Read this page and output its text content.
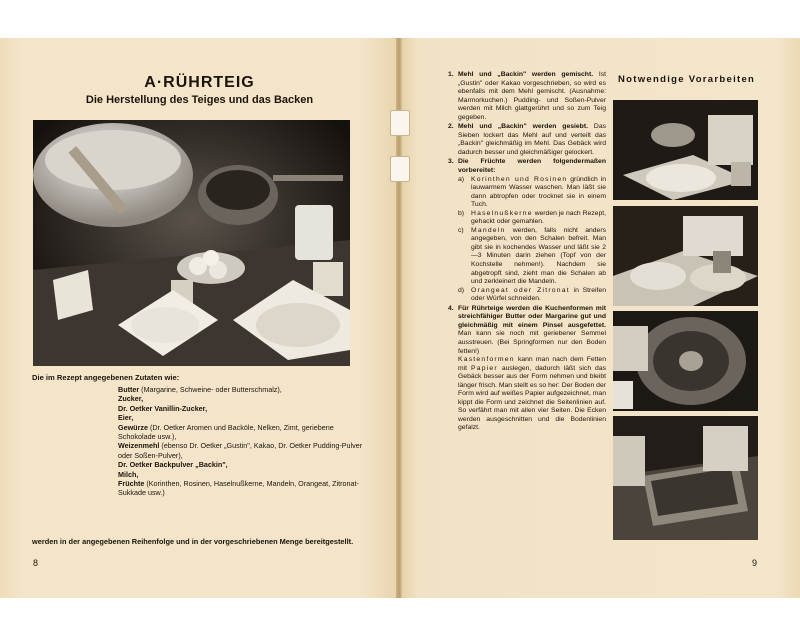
A·RÜHRTEIG
Die Herstellung des Teiges und das Backen
Die im Rezept angegebenen Zutaten wie:
Butter (Margarine, Schweine- oder Butterschmalz),
Zucker,
Dr. Oetker Vanillin-Zucker,
Eier,
Gewürze (Dr. Oetker Aromen und Backöle, Nelken, Zimt, geriebene Schokolade usw.),
Weizenmehl (ebenso Dr. Oetker „Gustin", Kakao, Dr. Oetker Pudding-Pulver oder Soßen-Pulver),
Dr. Oetker Backpulver „Backin",
Milch,
Früchte (Korinthen, Rosinen, Haselnußkerne, Mandeln, Orangeat, Zitronat-Sukkade usw.)
werden in der angegebenen Reihenfolge und in der vorgeschriebenen Menge bereitgestellt.
8
Notwendige Vorarbeiten
1. Mehl und „Backin" werden gemischt. Ist „Gustin" oder Kakao vorgeschrieben, so wird es ebenfalls mit dem Mehl gemischt. (Ausnahme: Marmorkuchen.) Pudding- und Soßen-Pulver werden mit Milch glattgerührt und so zum Teig gegeben.
2. Mehl und „Backin" werden gesiebt. Das Sieben lockert das Mehl auf und verteilt das „Backin" gleichmäßig im Mehl. Das Gebäck wird dadurch besser und gleichmäßiger gelockert.
3. Die Früchte werden folgendermaßen vorbereitet:
a) Korinthen und Rosinen gründlich in lauwarmem Wasser waschen. Man läßt sie dann abtropfen oder trocknet sie in einem Tuch.
b) Haselnußkerne werden je nach Rezept, gehackt oder gemahlen.
c) Mandeln werden, falls nicht anders angegeben, von den Schalen befreit. Man gibt sie in kochendes Wasser und läßt sie 2—3 Minuten darin ziehen (Topf von der Kochstelle nehmen!). Nachdem sie abgetropft sind, zieht man die Schalen ab und zerkleinert die Mandeln.
d) Orangeat oder Zitronat in Streifen oder Würfel schneiden.
4. Für Rührteige werden die Kuchenformen mit streichfähiger Butter oder Margarine gut und gleichmäßig mit einem Pinsel ausgefettet. Man kann sie noch mit geriebener Semmel ausstreuen. (Bei Springformen nur den Boden fetten!)
Kastenformen kann man nach dem Fetten mit Papier auslegen, dadurch läßt sich das Gebäck besser aus der Form nehmen und bleibt länger frisch. Man stellt es so her: Der Boden der Form wird auf weißes Papier aufgezeichnet, man kippt die Form und zeichnet die Seitenlinien auf. So verfährt man mit allen vier Seiten. Die Ecken werden ausgeschnitten und die Bodenlinien gefalzt.
9
